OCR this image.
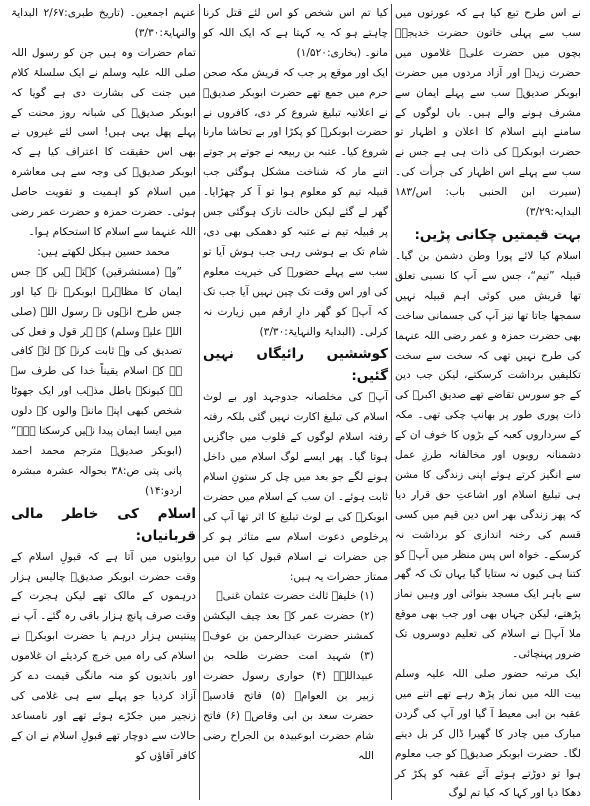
نے اس طرح تبع کیا ہے کہ عورتوں میں سب سے پہلی خاتون حضرت خدیجہؓ بچوں میں حضرت علیؓ غلاموں میں حضرت زیدؓ اور آزاد مردوں میں حضرت ابوبکر صدیقؓ سب سے پہلے ایمان سے مشرف ہونے والے ہیں۔ باں لوگوں کے سامنے اپنے اسلام کا اعلان و اظہار تو حضرت ابوبکرؓ کی ذات ہی ہے جس نے سب سے پہلے اس اظہار کی جرأت کی۔ (سیرت ابن الحنبی باب: اس/۱۸۳ البدایہ:۳/۲۹)

بہت قیمتیں چکانی پڑیں:

اسلام کیا لائے پورا وطن دشمن بن گیا۔ قبیلہ ”تیم“، جس سے آپ کا نسبی تعلق تھا قریش میں کوئی اہم قبیلہ نہیں سمجھا جاتا تھا نیز آپ کی جسمانی ساخت بھی حضرت حمزہ و عمر رضی اللہ عنہما کی طرح نہیں تھی کہ سخت سے سخت تکلیفیں برداشت کرسکتے، لیکن جب دین کے جو سورس تقاضے تھے صدیق اکبرؓ کی ذات پوری طور پر بھانپ چکی تھی۔ مکہ کے سرداروں کعبہ کے بڑوں کا خوف ان کے دشمنانہ رویوں اور مخالفانہ طرزِ عمل سے انگیز کرتے ہوئے اپنی زندگی کا مشن ہی تبلیغ اسلام اور اشاعتِ حق قرار دیا کہ پھر زندگی بھر اس دین قیم میں کسی قسم کی رخنہ اندازی کو برداشت نہ کرسکے۔ خواہ اس پس منظر میں آپؓ کو کتنا ہی کیوں نہ ستایا گیا یہاں تک کہ گھر سے باہر ایک مسجد بنوائی اور وہیں نماز پڑھتے، لیکن جہاں بھی اور جب بھی موقع ملا آپؓ نے اسلام کی تعلیم دوسروں تک ضرور پہنچائی۔

ایک مرتبہ حضور صلی اللہ علیہ وسلم بیت اللہ میں نماز پڑھ رہے تھے اتنے میں عقبہ بن ابی معیط آ گیا اور آپ کی گردن مبارک میں چادر کا گھیرا ڈال کر بل دینے لگا۔ حضرت ابوبکر صدیقؓ کو جب معلوم ہوا تو دوڑتے ہوئے آئے عقبہ کو پکڑ کر دھکا دیا اور کہا کہ کیا تم لوگ

کیا تم اس شخص کو اس لئے قتل کرنا چاہتے ہو کہ یہ کہتا ہے کہ ایک اللہ کو مانو۔ (بخاری:۱/۵۲۰)

ایک اور موقع پر جب کہ قریش مکہ صحن حرم میں جمع تھے حضرت ابوبکر صدیقؓ نے اعلانیہ تبلیغ شروع کر دی، کافروں نے حضرت ابوبکرؓ کو پکڑا اور بے تحاشا مارنا شروع کیا۔ عتبہ بن ربیعہ نے جوتے پر جوتے اتنے مار کہ شناخت مشکل ہوگئی جب قبیلہ تیم کو معلوم ہوا تو آ کر چھڑایا۔ گھر لے گئے لیکن حالت نازک ہوگئی جس پر قبیلہ تیم نے عتبہ کو دھمکی بھی دی، شام تک بے ہوشی رہی جب ہوش آیا تو سب سے پہلے حضورؐ کی خیریت معلوم کی اور اس وقت تک چین نہیں آیا جب تک کہ آپؐ کو گھر دارِ ارقم میں زیارت نہ کرلی۔ (البدایۃ والنہایۃ:۳/۳۰)

کوششیں رائیگاں نہیں گئیں:

آپؓ کی مخلصانہ جدوجہد اور بے لوث اسلام کی تبلیغ اکارت نہیں گئی بلکہ رفتہ رفتہ اسلام لوگوں کے قلوب میں جاگزیں ہوتا گیا۔ پھر ایسے لوگ اسلام میں داخل ہونے لگے جو بعد میں چل کر ستونِ اسلام ثابت ہوئے۔ ان سب کے اسلام میں حضرت ابوبکرؓ کی بے لوث تبلیغ کا اثر تھا آپ کی پرخلوص دعوت اسلام سے متاثر ہو کر جن حضرات نے اسلام قبول کیا ان میں ممتاز حضرات یہ ہیں:

(۱) خلیفۂ ثالث حضرت عثمان غنیؓ

(۲) حضرت عمر کے بعد چیف الیکشن کمشنر حضرت عبدالرحمن بن عوفؓ (۳) شہید امت حضرت طلحہ بن عبیداللہؓ (۴) حواری رسول حضرت زبیر بن العوامؓ (۵) فاتح قادسیہ حضرت سعد بن ابی وقاصؓ (۶) فاتح شام حضرت ابوعبیدہ بن الجراح رضی اللہ

عنہم اجمعین۔ (تاریخ طبری:۲/۶۷ البدایۃ والنہایۃ:۳/۳۰)

تمام حضرات وہ ہیں جن کو رسول اللہ صلی اللہ علیہ وسلم نے ایک سلسلۂ کلام میں جنت کی بشارت دی ہے گویا کہ ابوبکر صدیقؓ کی شبانہ روز محنت کے پہلے پھل یہی ہیں! اسی لئے غیروں نے بھی اس حقیقت کا اعتراف کیا ہے کہ ابوبکر صدیقؓ کی وجہ سے ہی معاشرہ میں اسلام کو اہمیت و تقویت حاصل ہوئی۔ حضرت حمزہ و حضرت عمر رضی اللہ عنہما سے اسلام کا استحکام ہوا۔

محمد حسین ہیکل لکھتے ہیں:

”وہ (مستشرقین) کہتے ہیں کہ جس ایمان کا مظاہرہ ابوبکرؓ نے کیا اور جس طرح انہوں نے رسول اللہ (صلی اللہ علیہ وسلم) کے ہر قول و فعل کی تصدیق کی وہ ثابت کرنے کے لئے کافی ہے کہ اسلام یقیناً خدا کی طرف سے ہے کیونکہ باطل مذہب اور ایک جھوٹا شخص کبھی اپنے ماننے والوں کے دلوں میں ایسا ایمان پیدا نہیں کرسکتا ہے۔“ (ابوبکر صدیقؓ مترجم محمد احمد پانی پتی ص:۳۸ بحوالہ عشرہ مبشرہ اردو:۱۴)

اسلام کی خاطر مالی قربانیاں:

روایتوں میں آتا ہے کہ قبولِ اسلام کے وقت حضرت ابوبکر صدیقؓ چالیس ہزار درہموں کے مالک تھے لیکن ہجرت کے وقت صرف پانچ ہزار باقی رہ گئے۔ آپ نے پینتیس ہزار درہم یا حضرت ابوبکرؓ نے اسلام کی راہ میں خرچ کردیئے ان غلاموں اور باندیوں کو منہ مانگی قیمت دے کر آزاد کردیا جو پہلے سے ہی غلامی کی زنجیر میں جکڑے ہوئے تھے اور نامساعد حالات سے دوچار تھے قبولِ اسلام نے ان کے کافر آقاؤں کو
